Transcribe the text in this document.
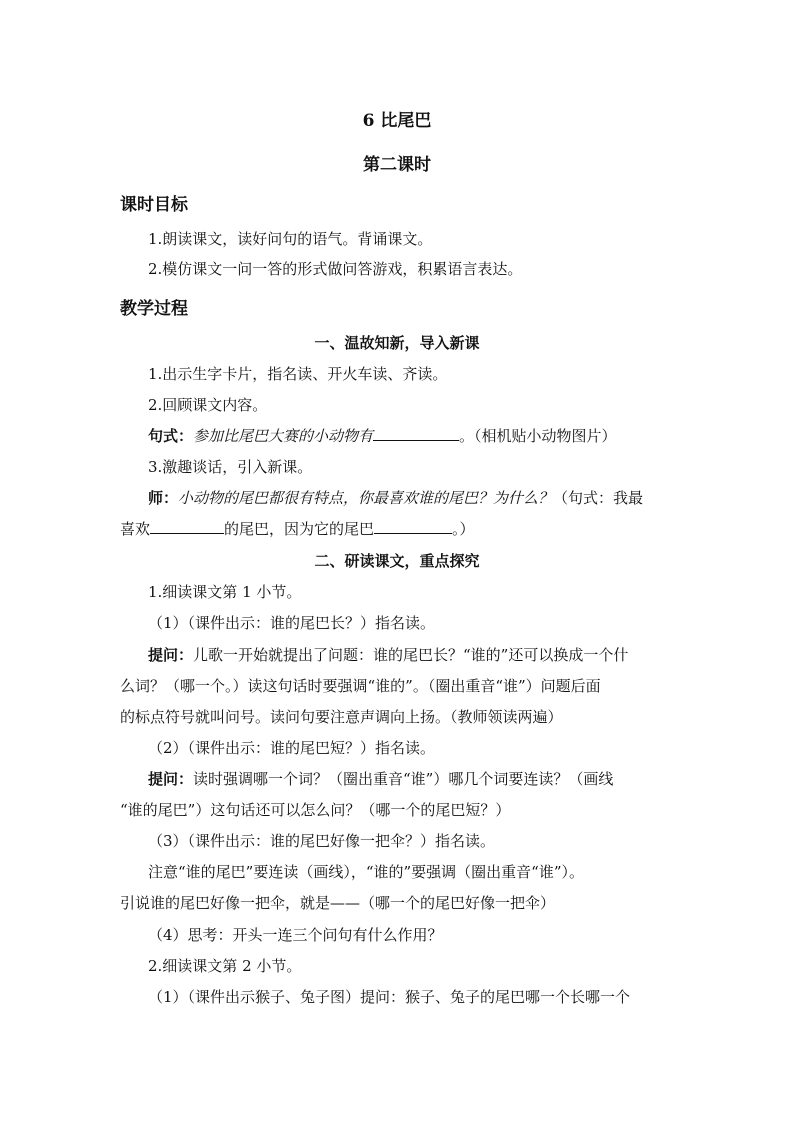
6 比尾巴
第二课时
课时目标
1.朗读课文，读好问句的语气。背诵课文。
2.模仿课文一问一答的形式做问答游戏，积累语言表达。
教学过程
一、温故知新，导入新课
1.出示生字卡片，指名读、开火车读、齐读。
2.回顾课文内容。
句式：参加比尾巴大赛的小动物有	。（相机贴小动物图片）
3.激趣谈话，引入新课。
师：小动物的尾巴都很有特点，你最喜欢谁的尾巴？为什么？（句式：我最
喜欢	的尾巴，因为它的尾巴	。）
二、研读课文，重点探究
1.细读课文第 1 小节。
（1）（课件出示：谁的尾巴长？）指名读。
提问：儿歌一开始就提出了问题：谁的尾巴长？“谁的”还可以换成一个什
么词？（哪一个。）读这句话时要强调“谁的”。（圈出重音“谁”）问题后面
的标点符号就叫问号。读问句要注意声调向上扬。（教师领读两遍）
（2）（课件出示：谁的尾巴短？）指名读。
提问：读时强调哪一个词？（圈出重音“谁”）哪几个词要连读？（画线
“谁的尾巴”）这句话还可以怎么问？（哪一个的尾巴短？）
（3）（课件出示：谁的尾巴好像一把伞？）指名读。
注意“谁的尾巴”要连读（画线），“谁的”要强调（圈出重音“谁”）。
引说谁的尾巴好像一把伞，就是——（哪一个的尾巴好像一把伞）
（4）思考：开头一连三个问句有什么作用？
2.细读课文第 2 小节。
（1）（课件出示猴子、兔子图）提问：猴子、兔子的尾巴哪一个长哪一个
